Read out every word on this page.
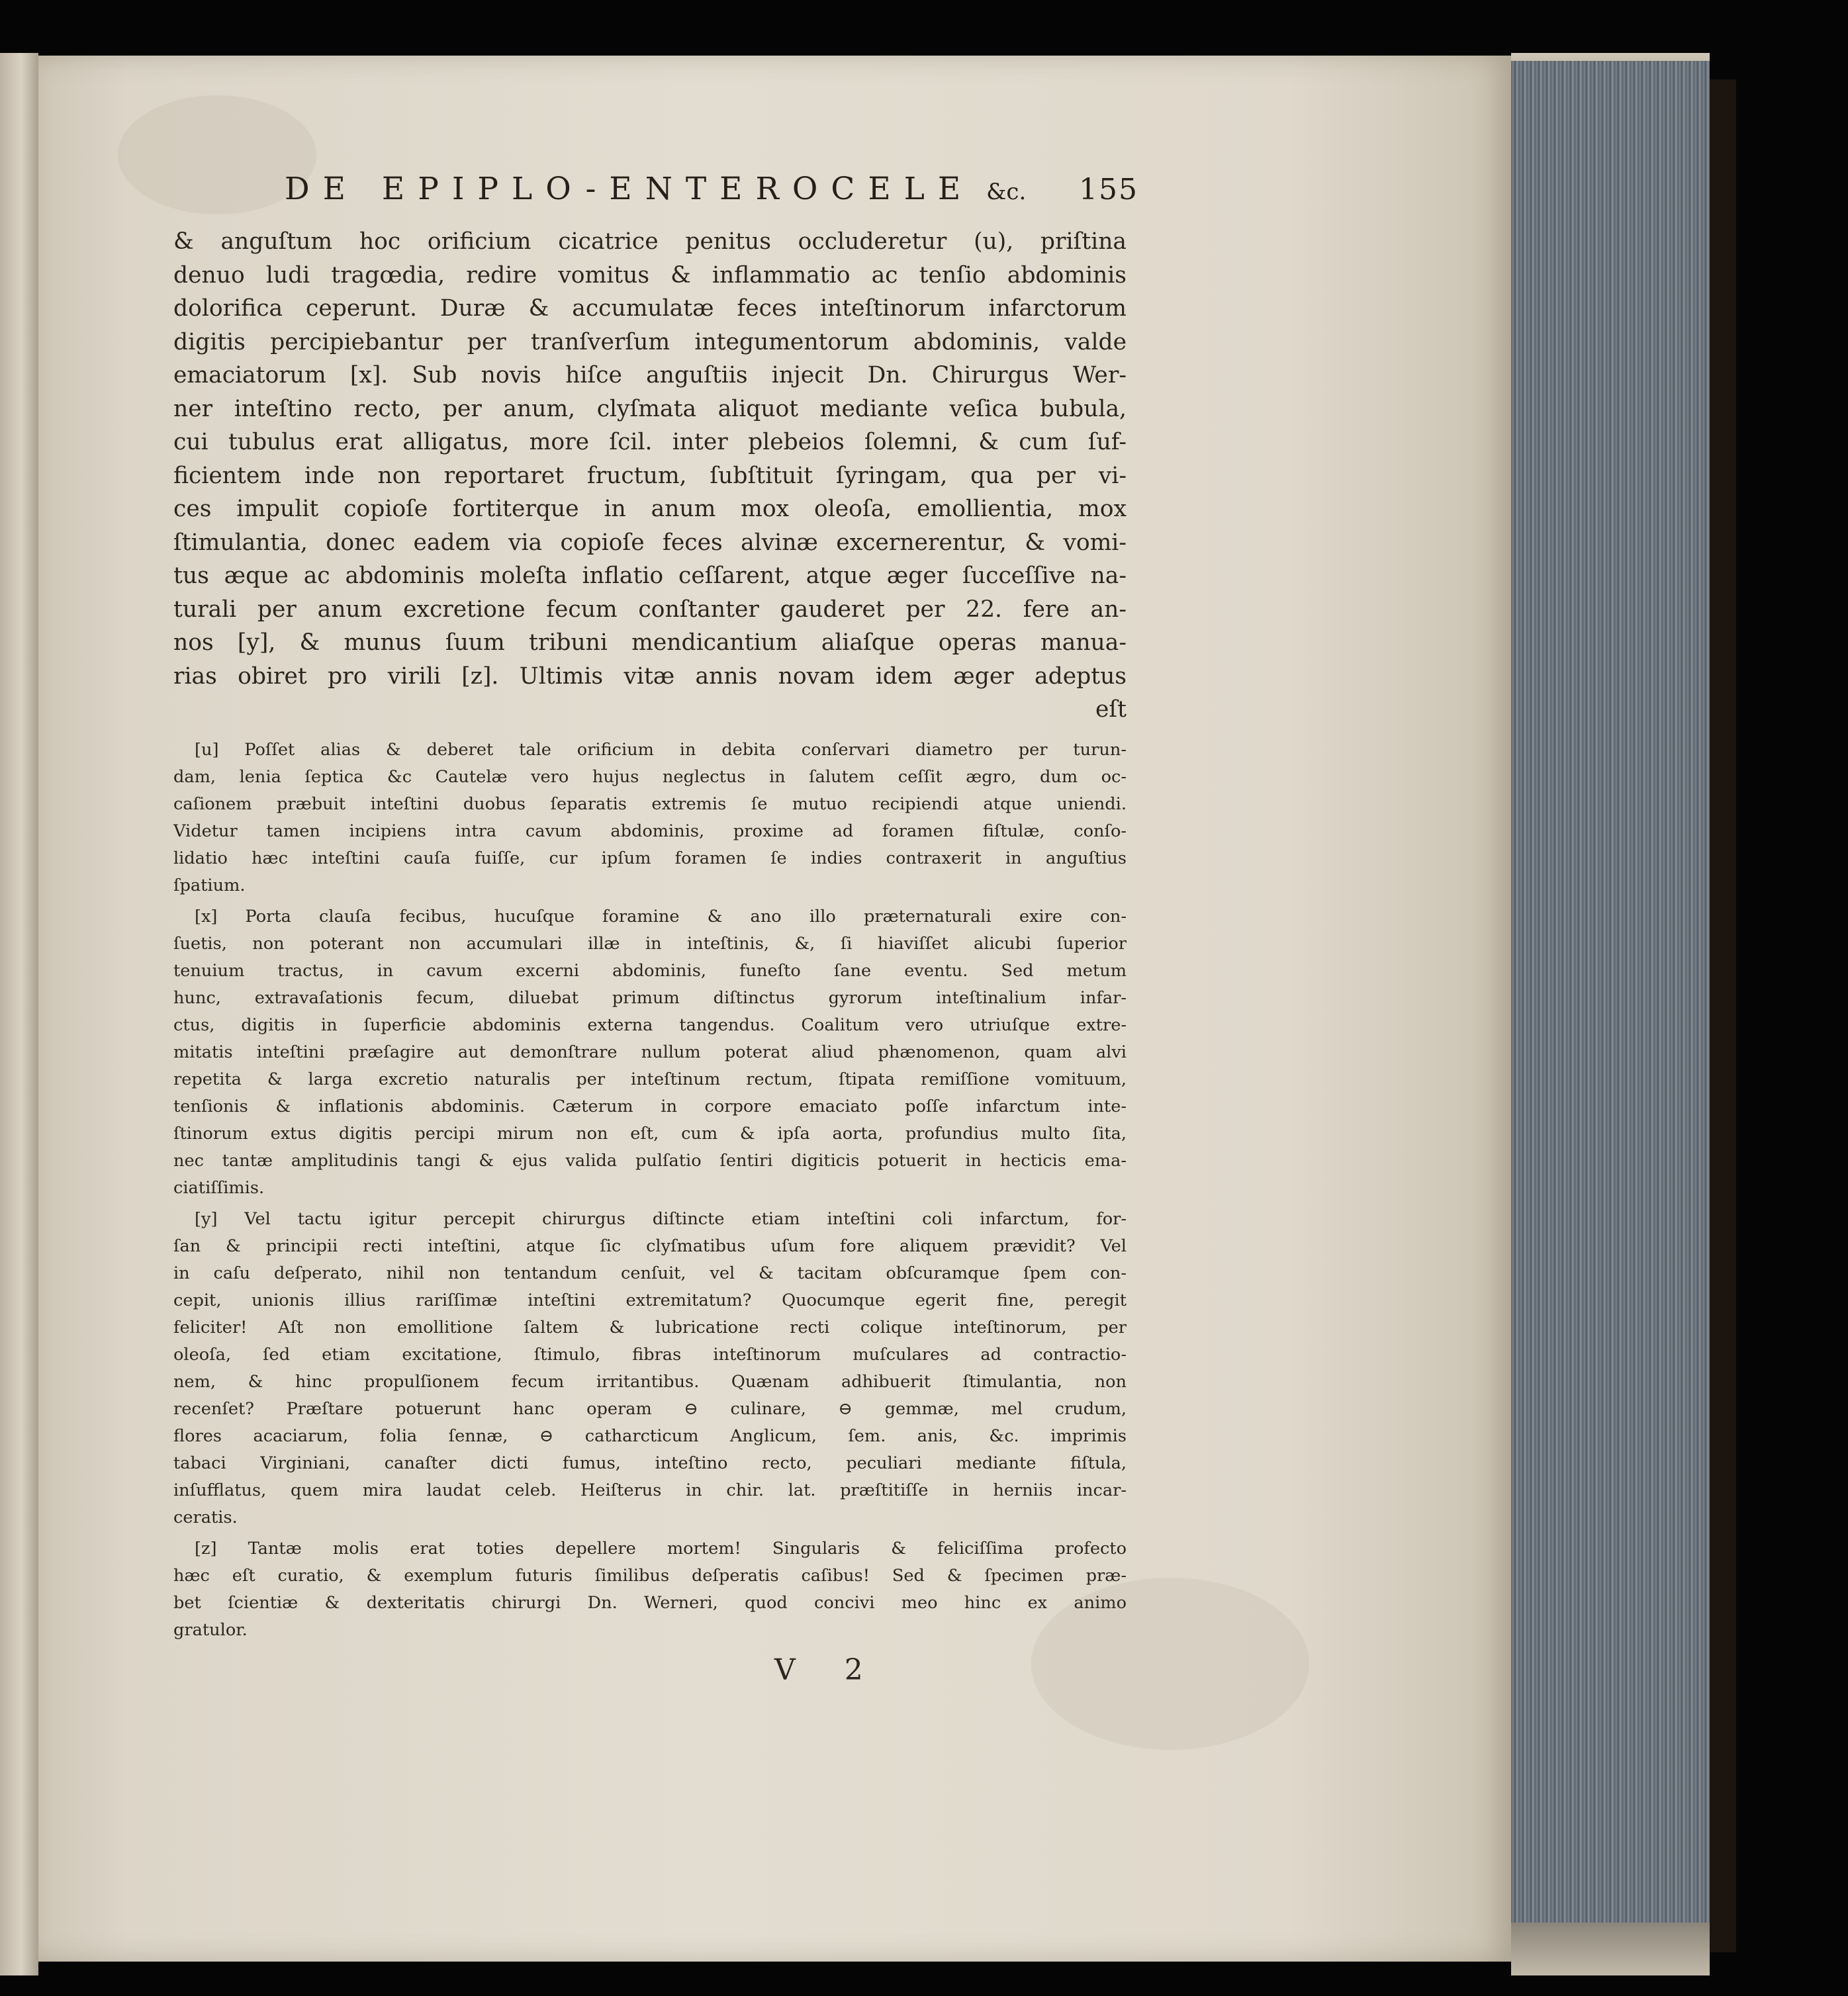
DE EPIPLO-ENTEROCELE &c. 155
& anguſtum hoc orificium cicatrice penitus occluderetur (u), priſtina
denuo ludi tragœdia, redire vomitus & inflammatio ac tenſio abdominis
dolorifica ceperunt. Duræ & accumulatæ feces inteſtinorum infarctorum
digitis percipiebantur per tranſverſum integumentorum abdominis, valde
emaciatorum [x]. Sub novis hiſce anguſtiis injecit Dn. Chirurgus Wer-
ner inteſtino recto, per anum, clyſmata aliquot mediante veſica bubula,
cui tubulus erat alligatus, more ſcil. inter plebeios ſolemni, & cum ſuf-
ficientem inde non reportaret fructum, ſubſtituit ſyringam, qua per vi-
ces impulit copioſe fortiterque in anum mox oleoſa, emollientia, mox
ſtimulantia, donec eadem via copioſe feces alvinæ excernerentur, & vomi-
tus æque ac abdominis moleſta inflatio ceſſarent, atque æger ſucceſſive na-
turali per anum excretione fecum conſtanter gauderet per 22. fere an-
nos [y], & munus ſuum tribuni mendicantium aliaſque operas manua-
rias obiret pro virili [z]. Ultimis vitæ annis novam idem æger adeptus
eſt
[u] Poſſet alias & deberet tale orificium in debita conſervari diametro per turun-
dam, lenia ſeptica &c Cautelæ vero hujus neglectus in ſalutem ceſſit ægro, dum oc-
caſionem præbuit inteſtini duobus ſeparatis extremis ſe mutuo recipiendi atque uniendi.
Videtur tamen incipiens intra cavum abdominis, proxime ad foramen fiſtulæ, conſo-
lidatio hæc inteſtini cauſa fuiſſe, cur ipſum foramen ſe indies contraxerit in anguſtius
ſpatium.
[x] Porta clauſa fecibus, hucuſque foramine & ano illo præternaturali exire con-
ſuetis, non poterant non accumulari illæ in inteſtinis, &, ſi hiaviſſet alicubi ſuperior
tenuium tractus, in cavum excerni abdominis, funeſto ſane eventu. Sed metum
hunc, extravaſationis fecum, diluebat primum diſtinctus gyrorum inteſtinalium infar-
ctus, digitis in ſuperficie abdominis externa tangendus. Coalitum vero utriuſque extre-
mitatis inteſtini præſagire aut demonſtrare nullum poterat aliud phænomenon, quam alvi
repetita & larga excretio naturalis per inteſtinum rectum, ſtipata remiſſione vomituum,
tenſionis & inflationis abdominis. Cæterum in corpore emaciato poſſe infarctum inte-
ſtinorum extus digitis percipi mirum non eſt, cum & ipſa aorta, profundius multo ſita,
nec tantæ amplitudinis tangi & ejus valida pulſatio ſentiri digiticis potuerit in hecticis ema-
ciatiſſimis.
[y] Vel tactu igitur percepit chirurgus diſtincte etiam inteſtini coli infarctum, for-
ſan & principii recti inteſtini, atque ſic clyſmatibus uſum fore aliquem prævidit? Vel
in caſu deſperato, nihil non tentandum cenſuit, vel & tacitam obſcuramque ſpem con-
cepit, unionis illius rariſſimæ inteſtini extremitatum? Quocumque egerit fine, peregit
feliciter! Aſt non emollitione ſaltem & lubricatione recti colique inteſtinorum, per
oleoſa, ſed etiam excitatione, ſtimulo, fibras inteſtinorum muſculares ad contractio-
nem, & hinc propulſionem fecum irritantibus. Quænam adhibuerit ſtimulantia, non
recenſet? Præſtare potuerunt hanc operam ⊖ culinare, ⊖ gemmæ, mel crudum,
flores acaciarum, folia ſennæ, ⊖ catharcticum Anglicum, ſem. anis, &c. imprimis
tabaci Virginiani, canaſter dicti fumus, inteſtino recto, peculiari mediante fiſtula,
inſufflatus, quem mira laudat celeb. Heiſterus in chir. lat. præſtitiſſe in herniis incar-
ceratis.
[z] Tantæ molis erat toties depellere mortem! Singularis & feliciſſima profecto
hæc eſt curatio, & exemplum futuris ſimilibus deſperatis caſibus! Sed & ſpecimen præ-
bet ſcientiæ & dexteritatis chirurgi Dn. Werneri, quod concivi meo hinc ex animo
gratulor.
V 2
